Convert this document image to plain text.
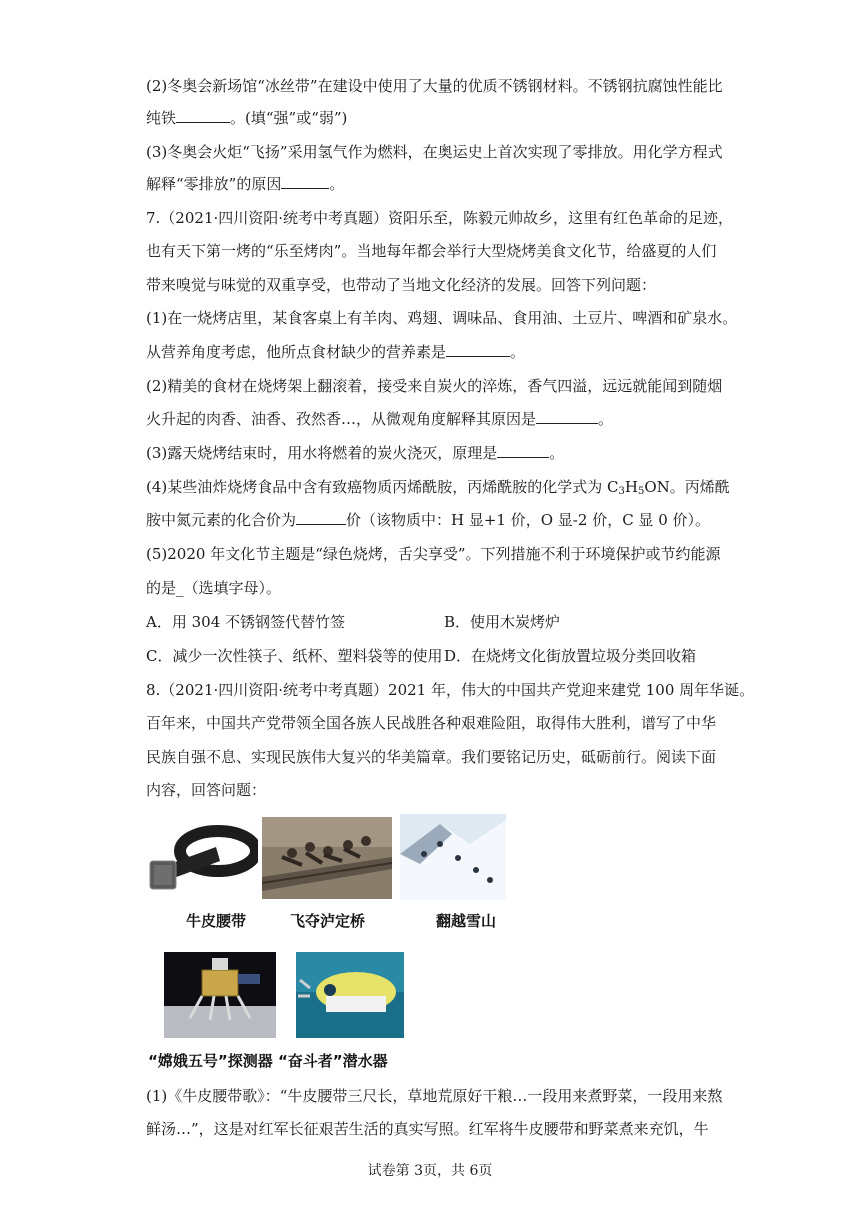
(2)冬奥会新场馆“冰丝带”在建设中使用了大量的优质不锈钢材料。不锈钢抗腐蚀性能比
纯铁	。(填“强”或“弱”)
(3)冬奥会火炬“飞扬”采用氢气作为燃料，在奥运史上首次实现了零排放。用化学方程式
解释“零排放”的原因	。
7.（2021·四川资阳·统考中考真题）资阳乐至，陈毅元帅故乡，这里有红色革命的足迹，
也有天下第一烤的“乐至烤肉”。当地每年都会举行大型烧烤美食文化节，给盛夏的人们
带来嗅觉与味觉的双重享受，也带动了当地文化经济的发展。回答下列问题：
(1)在一烧烤店里，某食客桌上有羊肉、鸡翅、调味品、食用油、土豆片、啤酒和矿泉水。
从营养角度考虑，他所点食材缺少的营养素是	。
(2)精美的食材在烧烤架上翻滚着，接受来自炭火的淬炼，香气四溢，远远就能闻到随烟
火升起的肉香、油香、孜然香…，从微观角度解释其原因是	。
(3)露天烧烤结束时，用水将燃着的炭火浇灭，原理是	。
(4)某些油炸烧烤食品中含有致癌物质丙烯酰胺，丙烯酰胺的化学式为 $C_3H_5ON$。丙烯酰
胺中氮元素的化合价为	价（该物质中：H 显+1 价，O 显-2 价，C 显 0 价）。
(5)2020 年文化节主题是“绿色烧烤，舌尖享受”。下列措施不利于环境保护或节约能源
的是_（选填字母）。
A．用 304 不锈钢签代替竹签	B．使用木炭烤炉
C．减少一次性筷子、纸杯、塑料袋等的使用 D．在烧烤文化街放置垃圾分类回收箱
8.（2021·四川资阳·统考中考真题）2021 年，伟大的中国共产党迎来建党 100 周年华诞。
百年来，中国共产党带领全国各族人民战胜各种艰难险阻，取得伟大胜利，谱写了中华
民族自强不息、实现民族伟大复兴的华美篇章。我们要铭记历史，砥砺前行。阅读下面
内容，回答问题：
牛皮腰带	飞夺泸定桥	翻越雪山
“嫦娥五号”探测器 “奋斗者”潜水器
(1)《牛皮腰带歌》：“牛皮腰带三尺长，草地荒原好干粮…一段用来煮野菜，一段用来熬
鲜汤…”，这是对红军长征艰苦生活的真实写照。红军将牛皮腰带和野菜煮来充饥，牛
试卷第 3页，共 6页
